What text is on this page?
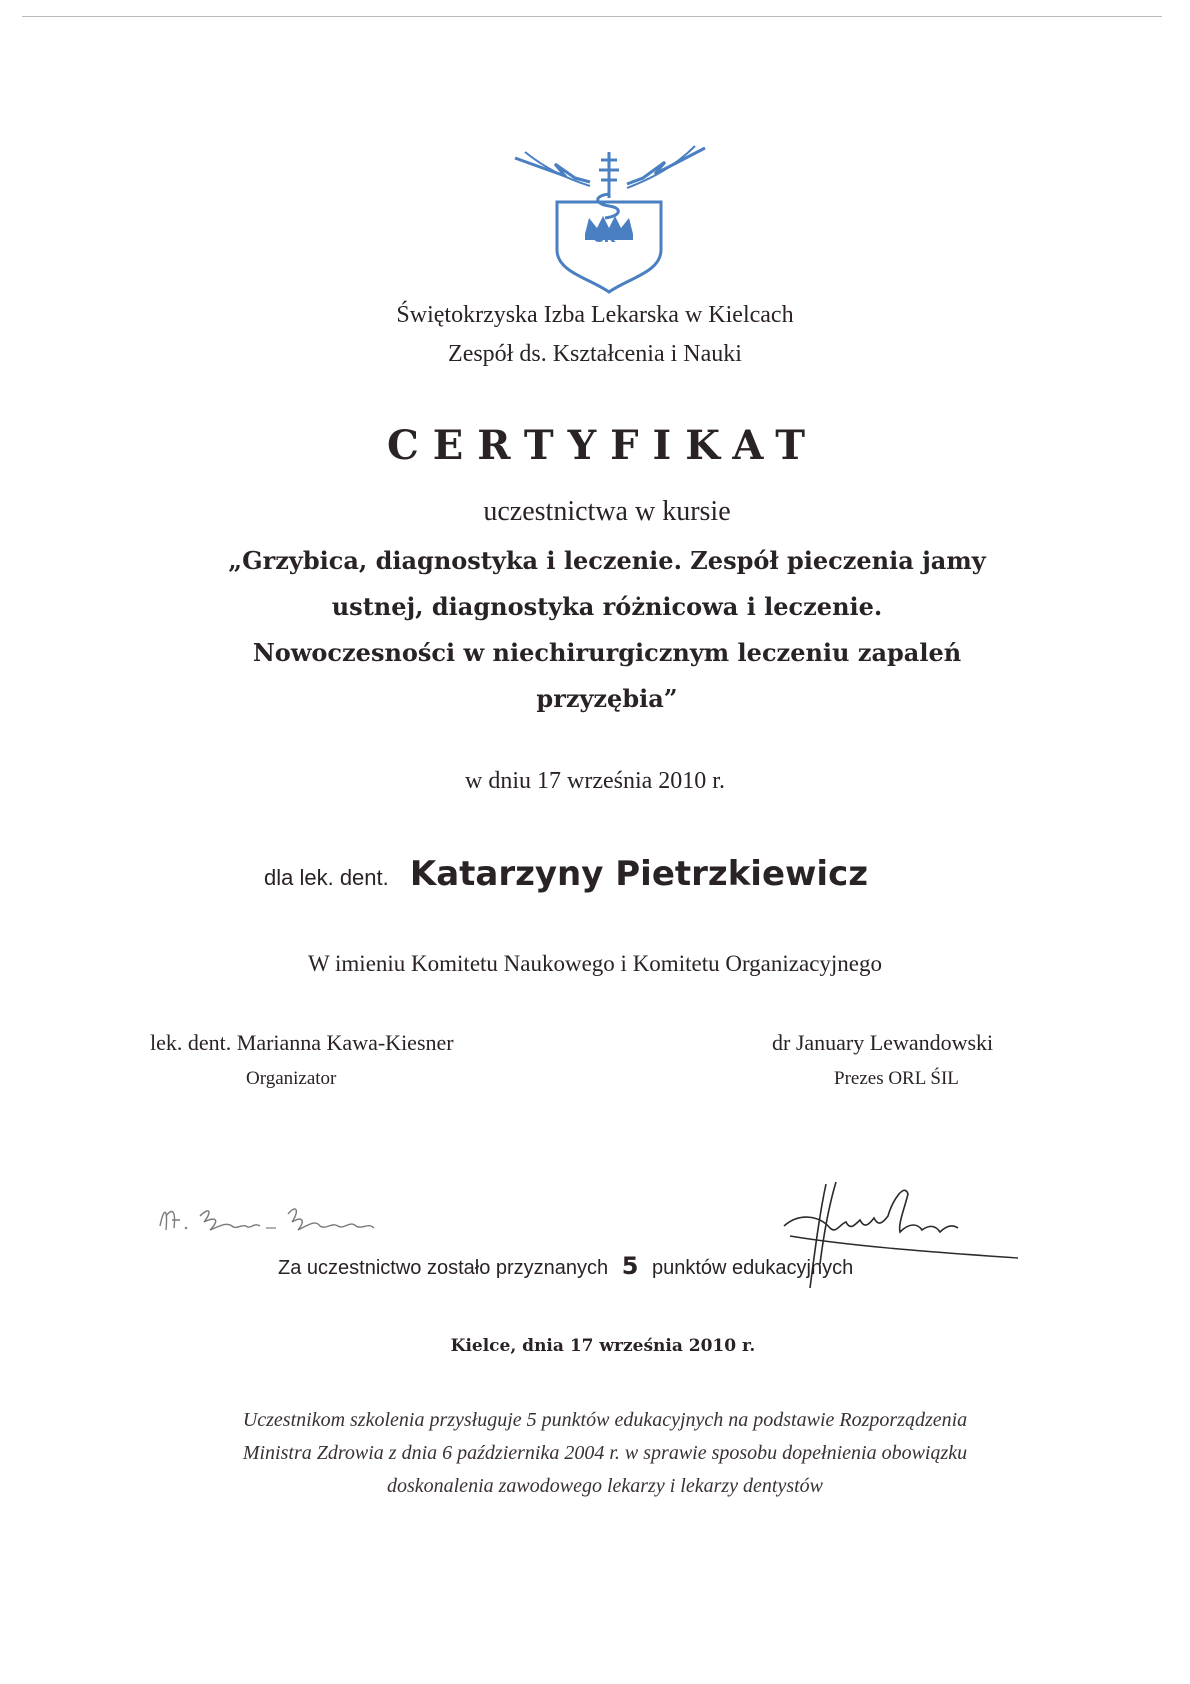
CK
Świętokrzyska Izba Lekarska w Kielcach
Zespół ds. Kształcenia i Nauki
CERTYFIKAT
uczestnictwa w kursie
„Grzybica, diagnostyka i leczenie. Zespół pieczenia jamy
ustnej, diagnostyka różnicowa i leczenie.
Nowoczesności w niechirurgicznym leczeniu zapaleń
przyzębia”
w dniu 17 września 2010 r.
dla lek. dent. Katarzyny Pietrzkiewicz
W imieniu Komitetu Naukowego i Komitetu Organizacyjnego
lek. dent. Marianna Kawa-Kiesner
Organizator
dr January Lewandowski
Prezes ORL ŚIL
Za uczestnictwo zostało przyznanych 5 punktów edukacyjnych
Kielce, dnia 17 września 2010 r.
Uczestnikom szkolenia przysługuje 5 punktów edukacyjnych na podstawie Rozporządzenia
Ministra Zdrowia z dnia 6 października 2004 r. w sprawie sposobu dopełnienia obowiązku
doskonalenia zawodowego lekarzy i lekarzy dentystów
